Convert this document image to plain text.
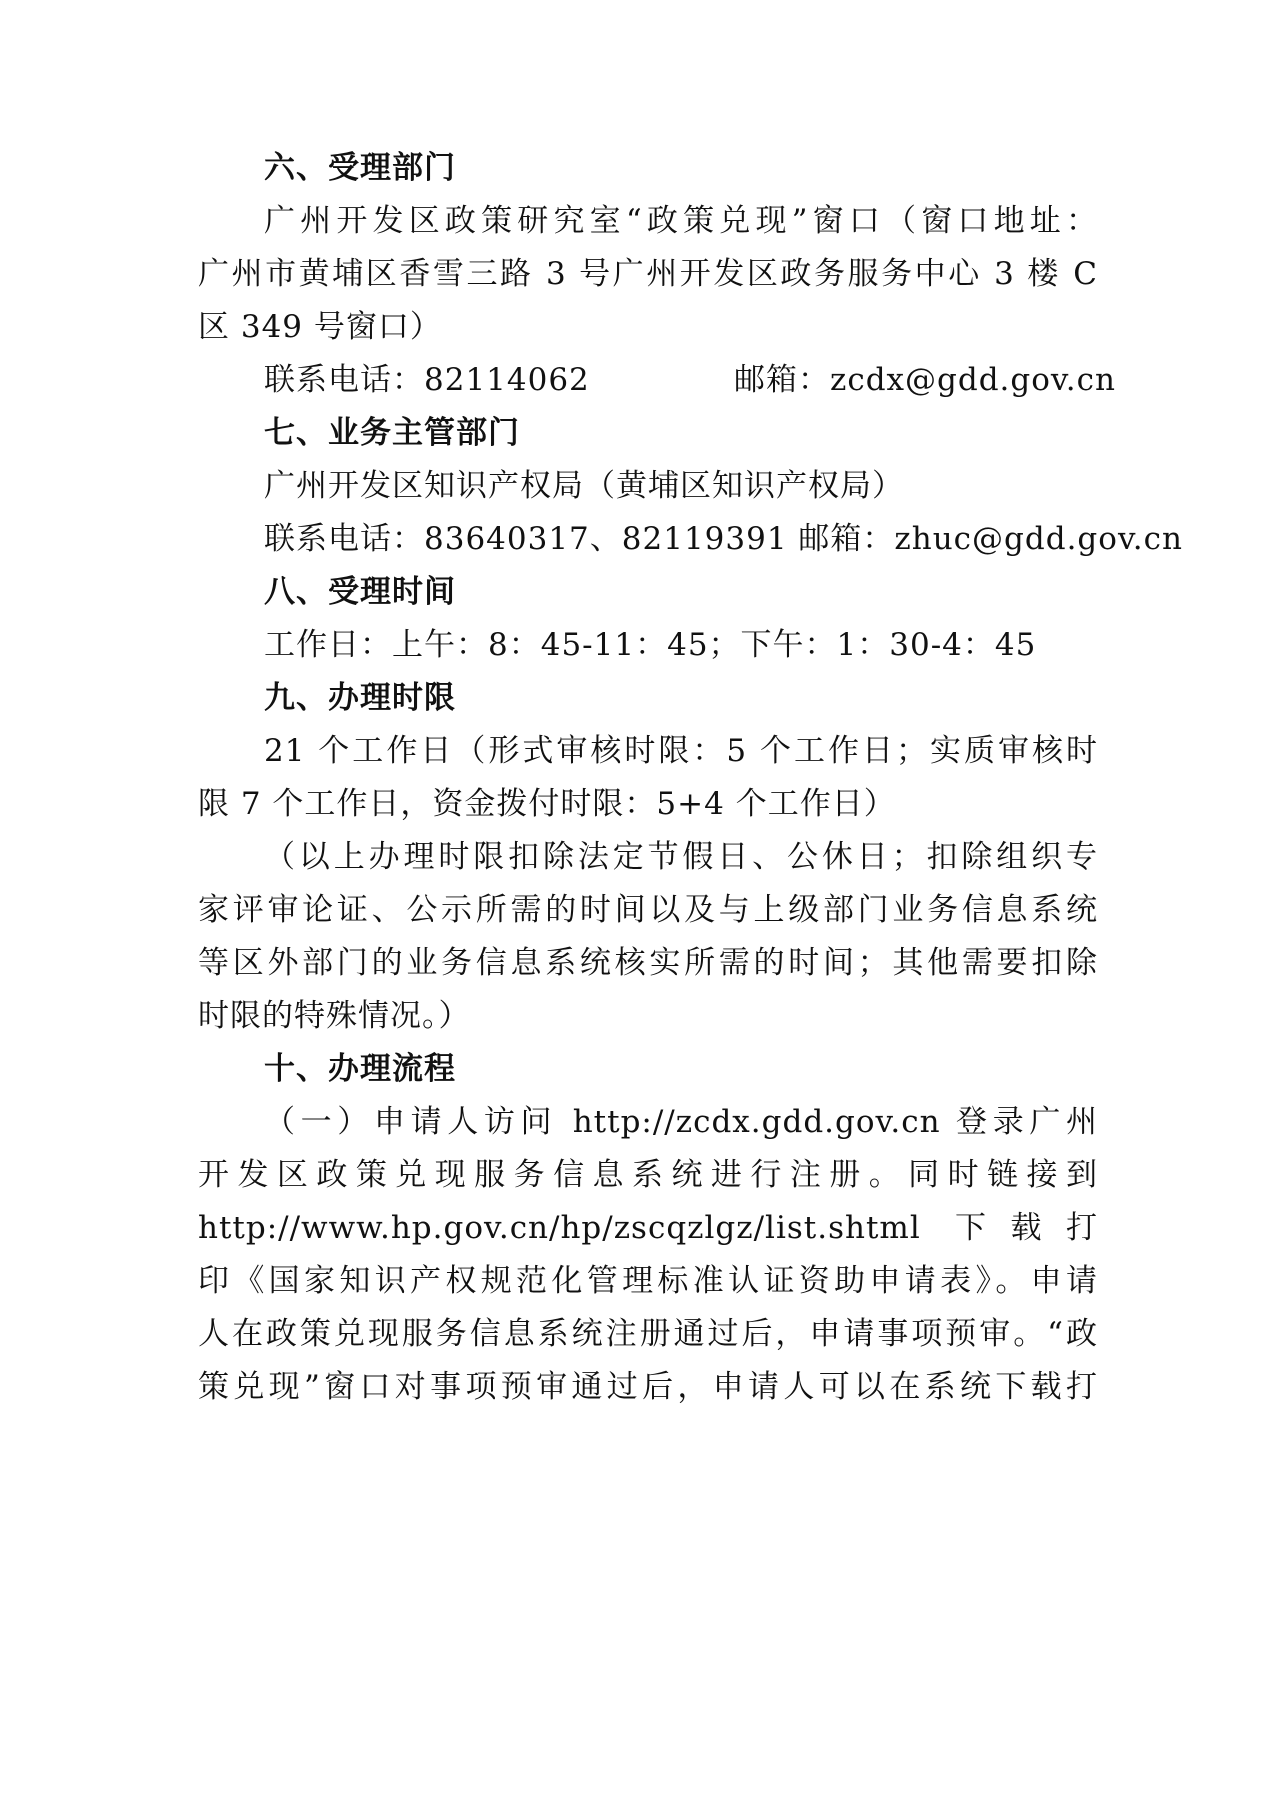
六、受理部门
广州开发区政策研究室“政策兑现”窗口（窗口地址：
广州市黄埔区香雪三路 3 号广州开发区政务服务中心 3 楼 C
区 349 号窗口）
联系电话：82114062	邮箱：zcdx@gdd.gov.cn
七、业务主管部门
广州开发区知识产权局（黄埔区知识产权局）
联系电话：83640317、82119391 邮箱：zhuc@gdd.gov.cn
八、受理时间
工作日：上午：8：45-11：45；下午：1：30-4：45
九、办理时限
21 个工作日（形式审核时限：5 个工作日；实质审核时
限 7 个工作日，资金拨付时限：5+4 个工作日）
（以上办理时限扣除法定节假日、公休日；扣除组织专
家评审论证、公示所需的时间以及与上级部门业务信息系统
等区外部门的业务信息系统核实所需的时间；其他需要扣除
时限的特殊情况。）
十、办理流程
（一）申请人访问 http://zcdx.gdd.gov.cn 登录广州
开发区政策兑现服务信息系统进行注册。同时链接到
http://www.hp.gov.cn/hp/zscqzlgz/list.shtml 下载打
印《国家知识产权规范化管理标准认证资助申请表》。申请
人在政策兑现服务信息系统注册通过后，申请事项预审。“政
策兑现”窗口对事项预审通过后，申请人可以在系统下载打
